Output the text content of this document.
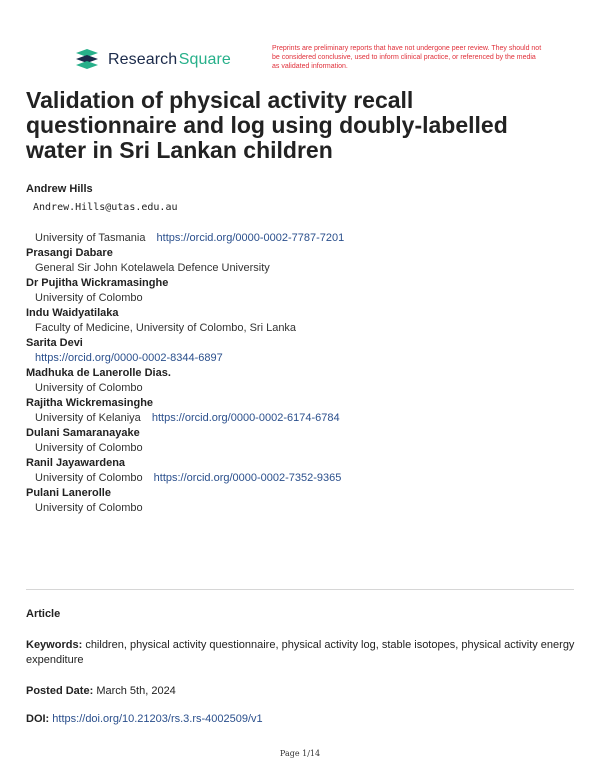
Research Square
Preprints are preliminary reports that have not undergone peer review. They should not be considered conclusive, used to inform clinical practice, or referenced by the media as validated information.
Validation of physical activity recall questionnaire and log using doubly-labelled water in Sri Lankan children
Andrew Hills
Andrew.Hills@utas.edu.au
University of Tasmania https://orcid.org/0000-0002-7787-7201
Prasangi Dabare
General Sir John Kotelawela Defence University
Dr Pujitha Wickramasinghe
University of Colombo
Indu Waidyatilaka
Faculty of Medicine, University of Colombo, Sri Lanka
Sarita Devi
https://orcid.org/0000-0002-8344-6897
Madhuka de Lanerolle Dias.
University of Colombo
Rajitha Wickremasinghe
University of Kelaniya https://orcid.org/0000-0002-6174-6784
Dulani Samaranayake
University of Colombo
Ranil Jayawardena
University of Colombo https://orcid.org/0000-0002-7352-9365
Pulani Lanerolle
University of Colombo
Article
Keywords: children, physical activity questionnaire, physical activity log, stable isotopes, physical activity energy expenditure
Posted Date: March 5th, 2024
DOI: https://doi.org/10.21203/rs.3.rs-4002509/v1
Page 1/14
